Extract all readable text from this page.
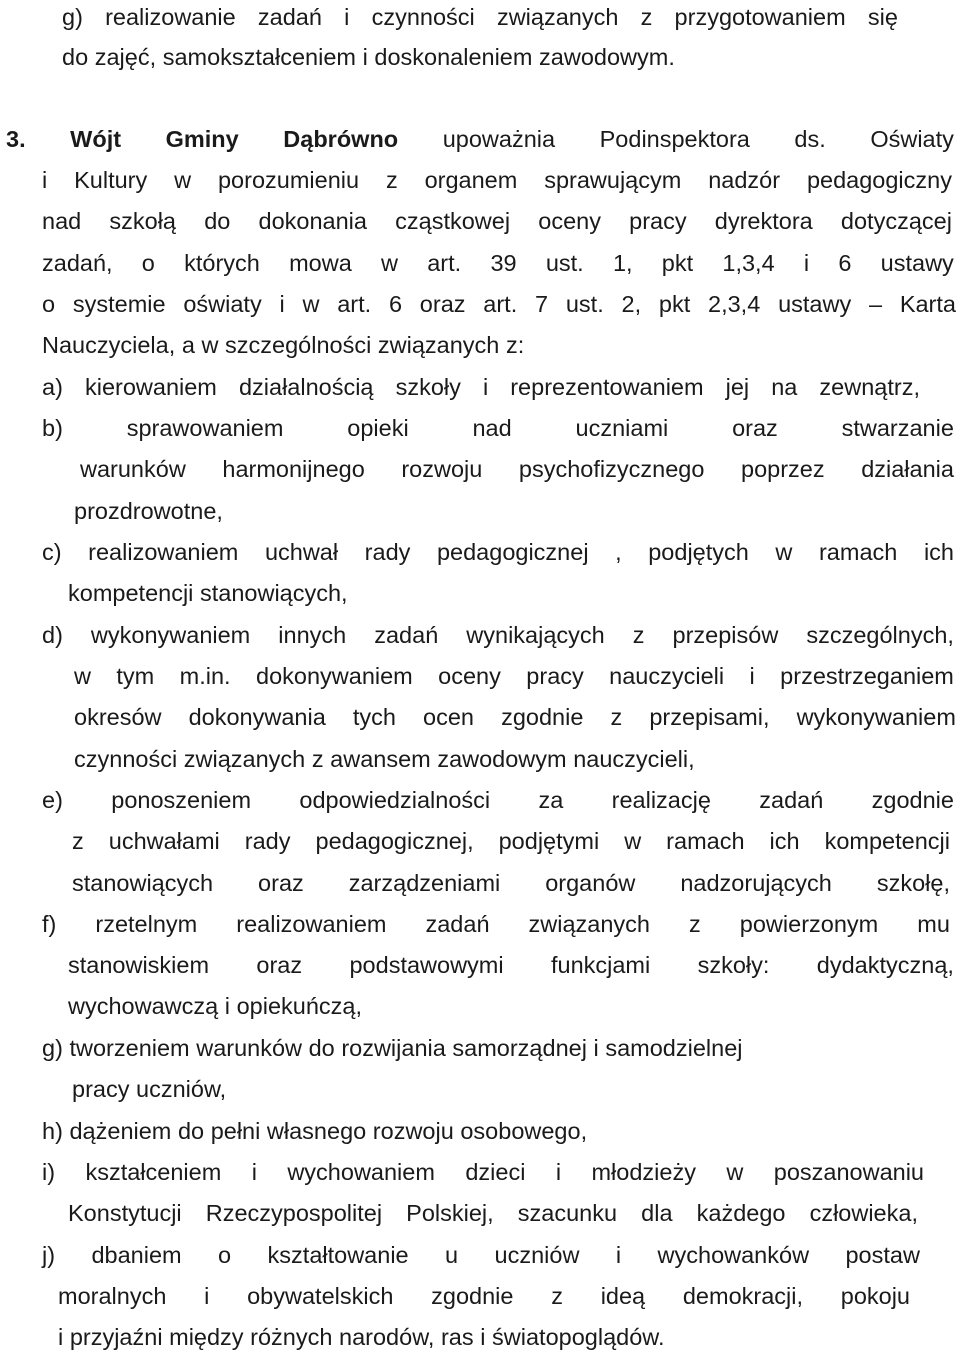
g) realizowanie zadań i czynności związanych z przygotowaniem się
do zajęć, samokształceniem i doskonaleniem zawodowym.
3. Wójt Gminy Dąbrówno upoważnia Podinspektora ds. Oświaty
i Kultury w porozumieniu z organem sprawującym nadzór pedagogiczny
nad szkołą do dokonania cząstkowej oceny pracy dyrektora dotyczącej
zadań, o których mowa w art. 39 ust. 1, pkt 1,3,4 i 6 ustawy
o systemie oświaty i w art. 6 oraz art. 7 ust. 2, pkt 2,3,4 ustawy – Karta
Nauczyciela, a w szczególności związanych z:
a) kierowaniem działalnością szkoły i reprezentowaniem jej na zewnątrz,
b)	sprawowaniem	opieki	nad	uczniami	oraz	stwarzanie
warunków harmonijnego rozwoju psychofizycznego poprzez działania
prozdrowotne,
c) realizowaniem uchwał rady pedagogicznej , podjętych w ramach ich
kompetencji stanowiących,
d) wykonywaniem innych zadań wynikających z przepisów szczególnych,
w tym m.in. dokonywaniem oceny pracy nauczycieli i przestrzeganiem
okresów dokonywania tych ocen zgodnie z przepisami, wykonywaniem
czynności związanych z awansem zawodowym nauczycieli,
e) ponoszeniem odpowiedzialności za realizację zadań zgodnie
z uchwałami rady pedagogicznej, podjętymi w ramach ich kompetencji
stanowiących oraz zarządzeniami organów nadzorujących szkołę,
f) rzetelnym realizowaniem zadań związanych z powierzonym mu
stanowiskiem oraz podstawowymi funkcjami szkoły: dydaktyczną,
wychowawczą i opiekuńczą,
g) tworzeniem warunków do rozwijania samorządnej i samodzielnej
pracy uczniów,
h) dążeniem do pełni własnego rozwoju osobowego,
i) kształceniem i wychowaniem dzieci i młodzieży w poszanowaniu
Konstytucji Rzeczypospolitej Polskiej, szacunku dla każdego człowieka,
j) dbaniem o kształtowanie u uczniów i wychowanków postaw
moralnych i obywatelskich zgodnie z ideą demokracji, pokoju
i przyjaźni między różnych narodów, ras i światopoglądów.
